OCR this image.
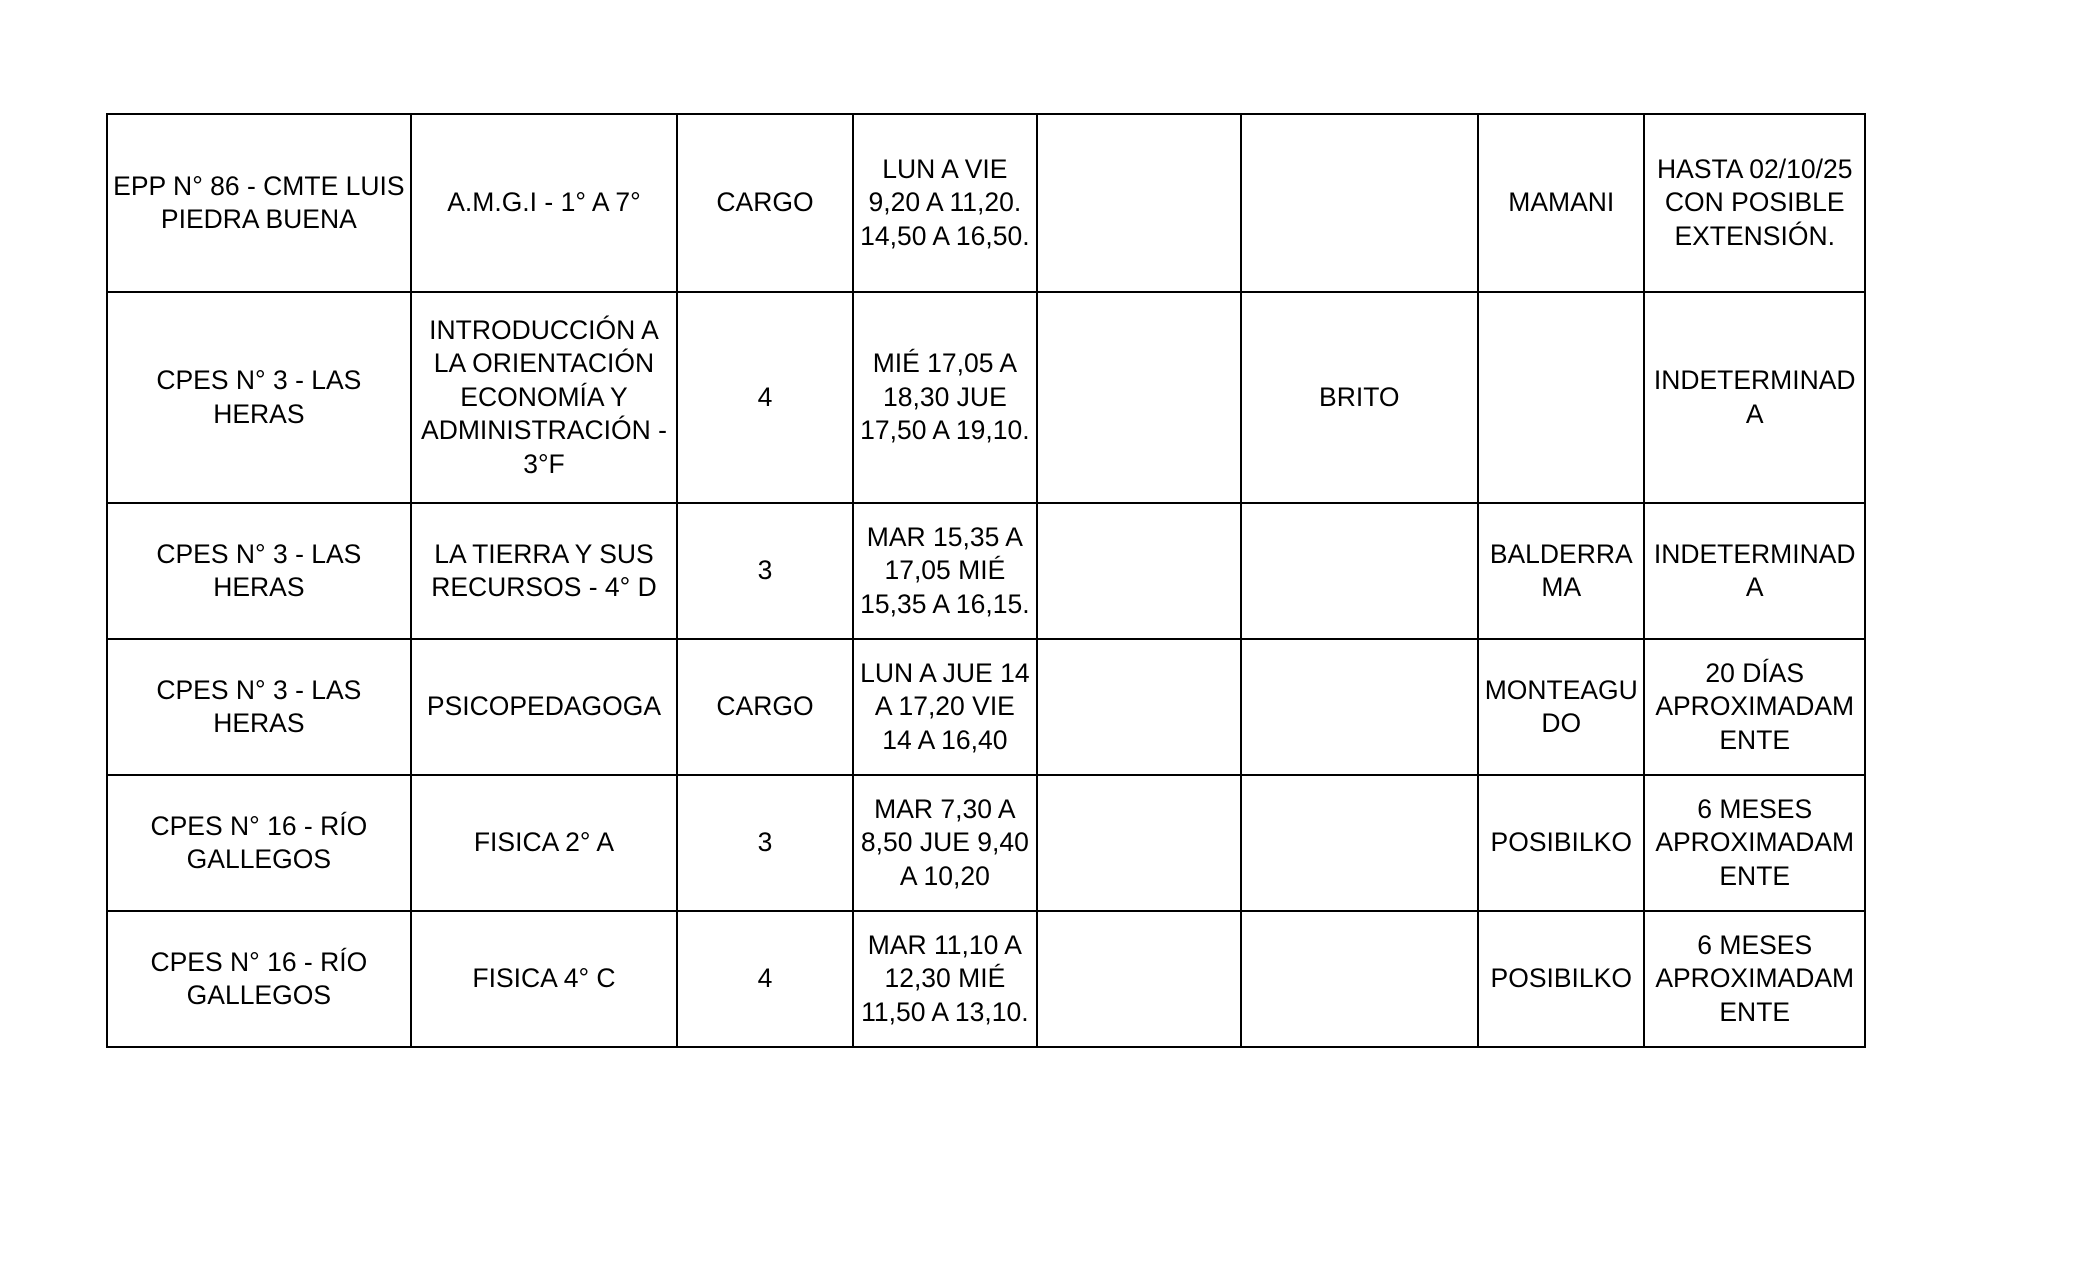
EPP N° 86 - CMTE LUIS PIEDRA BUENA	A.M.G.I - 1° A 7°	CARGO	LUN A VIE 9,20 A 11,20. 14,50 A 16,50.			MAMANI	HASTA 02/10/25 CON POSIBLE EXTENSIÓN.
CPES N° 3 - LAS HERAS	INTRODUCCIÓN A LA ORIENTACIÓN ECONOMÍA Y ADMINISTRACIÓN - 3°F	4	MIÉ 17,05 A 18,30 JUE 17,50 A 19,10.		BRITO		INDETERMINADA
CPES N° 3 - LAS HERAS	LA TIERRA Y SUS RECURSOS - 4° D	3	MAR 15,35 A 17,05 MIÉ 15,35 A 16,15.			BALDERRAMA	INDETERMINADA
CPES N° 3 - LAS HERAS	PSICOPEDAGOGA	CARGO	LUN A JUE 14 A 17,20 VIE 14 A 16,40			MONTEAGUDO	20 DÍAS APROXIMADAMENTE
CPES N° 16 - RÍO GALLEGOS	FISICA 2° A	3	MAR 7,30 A 8,50 JUE 9,40 A 10,20			POSIBILKO	6 MESES APROXIMADAMENTE
CPES N° 16 - RÍO GALLEGOS	FISICA 4° C	4	MAR 11,10 A 12,30 MIÉ 11,50 A 13,10.			POSIBILKO	6 MESES APROXIMADAMENTE
